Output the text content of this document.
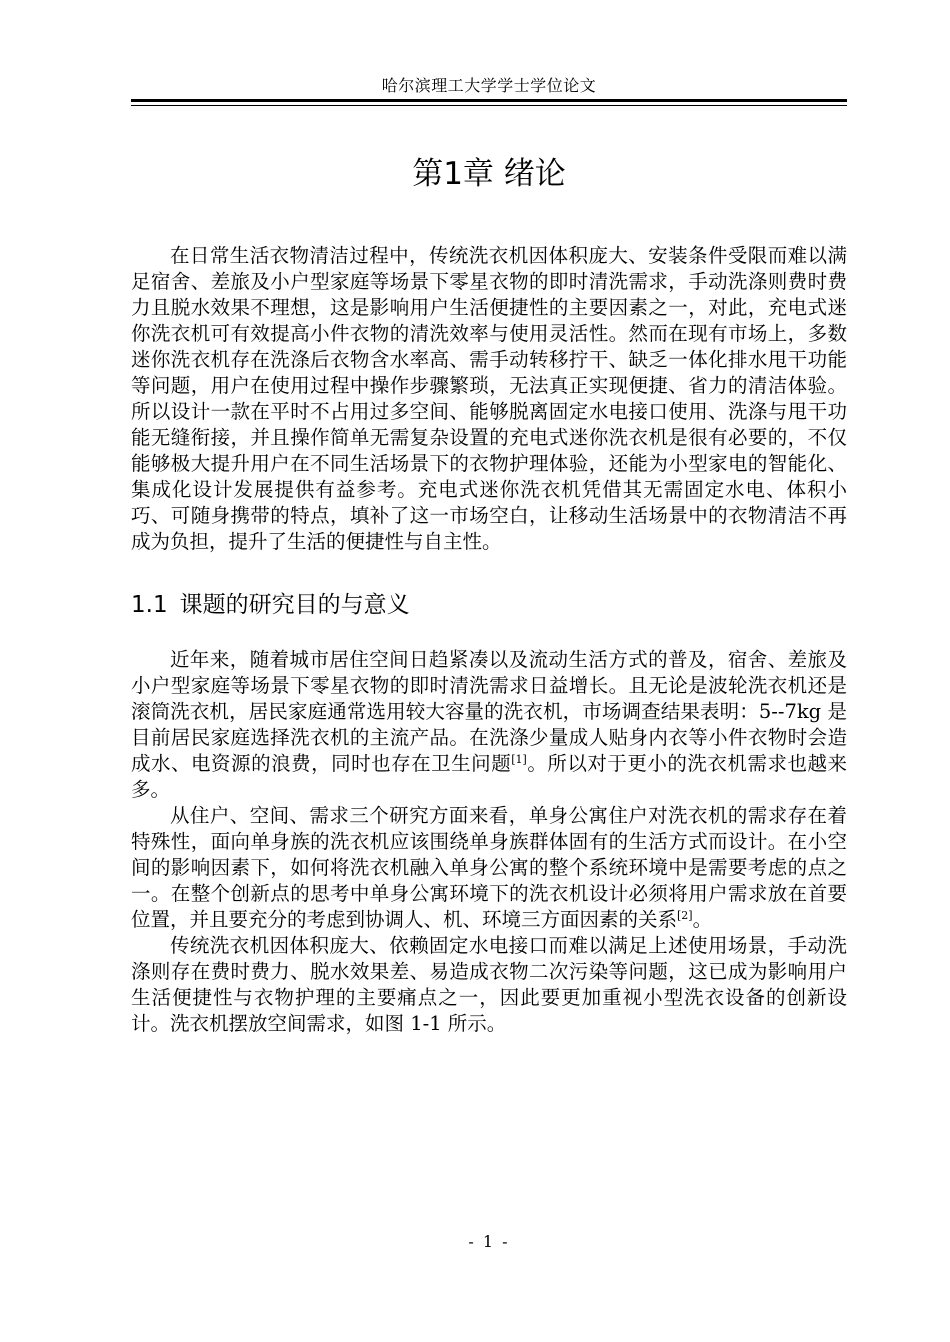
哈尔滨理工大学学士学位论文
第1章 绪论

在日常生活衣物清洁过程中，传统洗衣机因体积庞大、安装条件受限而难以满足宿舍、差旅及小户型家庭等场景下零星衣物的即时清洗需求，手动洗涤则费时费力且脱水效果不理想，这是影响用户生活便捷性的主要因素之一，对此，充电式迷你洗衣机可有效提高小件衣物的清洗效率与使用灵活性。然而在现有市场上，多数迷你洗衣机存在洗涤后衣物含水率高、需手动转移拧干、缺乏一体化排水甩干功能等问题，用户在使用过程中操作步骤繁琐，无法真正实现便捷、省力的清洁体验。所以设计一款在平时不占用过多空间、能够脱离固定水电接口使用、洗涤与甩干功能无缝衔接，并且操作简单无需复杂设置的充电式迷你洗衣机是很有必要的，不仅能够极大提升用户在不同生活场景下的衣物护理体验，还能为小型家电的智能化、集成化设计发展提供有益参考。充电式迷你洗衣机凭借其无需固定水电、体积小巧、可随身携带的特点，填补了这一市场空白，让移动生活场景中的衣物清洁不再成为负担，提升了生活的便捷性与自主性。

1.1 课题的研究目的与意义

近年来，随着城市居住空间日趋紧凑以及流动生活方式的普及，宿舍、差旅及小户型家庭等场景下零星衣物的即时清洗需求日益增长。且无论是波轮洗衣机还是滚筒洗衣机，居民家庭通常选用较大容量的洗衣机，市场调查结果表明：5--7kg 是目前居民家庭选择洗衣机的主流产品。在洗涤少量成人贴身内衣等小件衣物时会造成水、电资源的浪费，同时也存在卫生问题[1]。所以对于更小的洗衣机需求也越来多。

从住户、空间、需求三个研究方面来看，单身公寓住户对洗衣机的需求存在着特殊性，面向单身族的洗衣机应该围绕单身族群体固有的生活方式而设计。在小空间的影响因素下，如何将洗衣机融入单身公寓的整个系统环境中是需要考虑的点之一。在整个创新点的思考中单身公寓环境下的洗衣机设计必须将用户需求放在首要位置，并且要充分的考虑到协调人、机、环境三方面因素的关系[2]。

传统洗衣机因体积庞大、依赖固定水电接口而难以满足上述使用场景，手动洗涤则存在费时费力、脱水效果差、易造成衣物二次污染等问题，这已成为影响用户生活便捷性与衣物护理的主要痛点之一，因此要更加重视小型洗衣设备的创新设计。洗衣机摆放空间需求，如图 1-1 所示。

- 1 -
